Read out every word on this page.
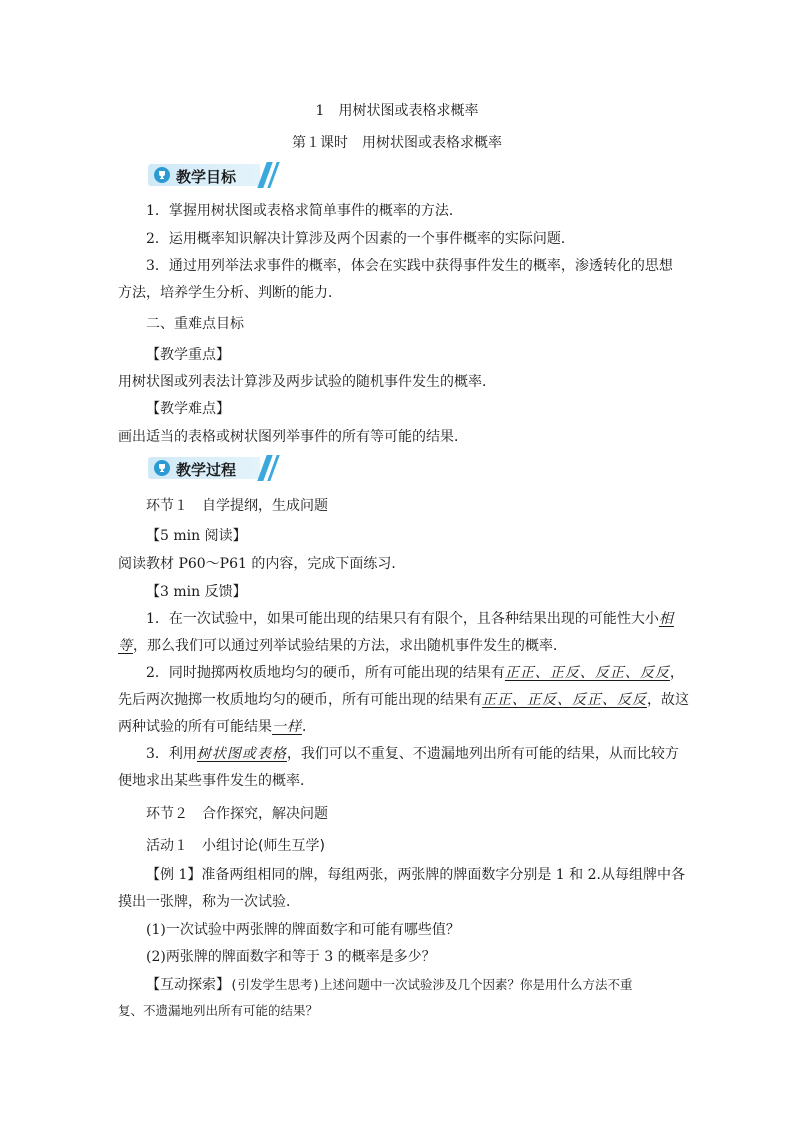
1　用树状图或表格求概率
第１课时　用树状图或表格求概率
教学目标
1．掌握用树状图或表格求简单事件的概率的方法．
2．运用概率知识解决计算涉及两个因素的一个事件概率的实际问题．
3．通过用列举法求事件的概率，体会在实践中获得事件发生的概率，渗透转化的思想
方法，培养学生分析、判断的能力．
二、重难点目标
【教学重点】
用树状图或列表法计算涉及两步试验的随机事件发生的概率．
【教学难点】
画出适当的表格或树状图列举事件的所有等可能的结果．
教学过程
环节１　自学提纲，生成问题
【5 min 阅读】
阅读教材 P60～P61 的内容，完成下面练习．
【3 min 反馈】
1．在一次试验中，如果可能出现的结果只有有限个，且各种结果出现的可能性大小相
等，那么我们可以通过列举试验结果的方法，求出随机事件发生的概率．
2．同时抛掷两枚质地均匀的硬币，所有可能出现的结果有正正、正反、反正、反反，
先后两次抛掷一枚质地均匀的硬币，所有可能出现的结果有正正、正反、反正、反反，故这
两种试验的所有可能结果一样．
3．利用树状图或表格，我们可以不重复、不遗漏地列出所有可能的结果，从而比较方
便地求出某些事件发生的概率．
环节２　合作探究，解决问题
活动１　小组讨论(师生互学)
【例 1】准备两组相同的牌，每组两张，两张牌的牌面数字分别是 1 和 2.从每组牌中各
摸出一张牌，称为一次试验．
(1)一次试验中两张牌的牌面数字和可能有哪些值？
(2)两张牌的牌面数字和等于 3 的概率是多少？
【互动探索】(引发学生思考)上述问题中一次试验涉及几个因素？你是用什么方法不重
复、不遗漏地列出所有可能的结果？
